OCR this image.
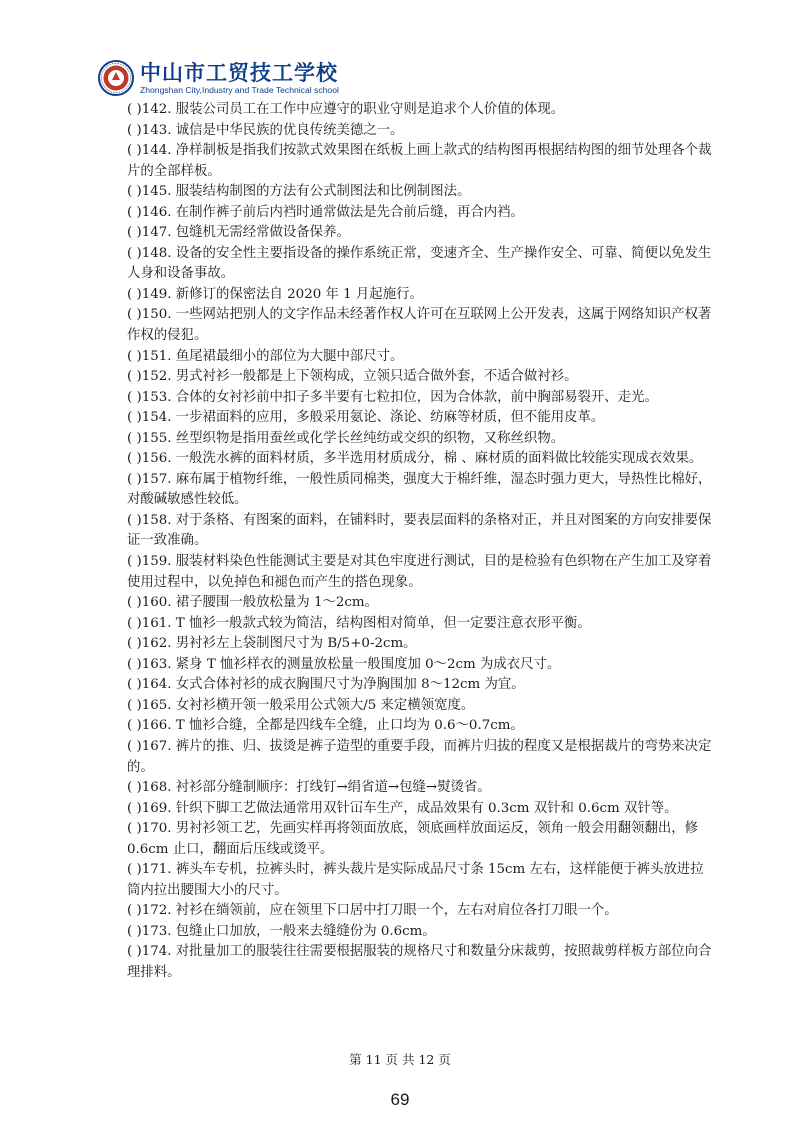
中山市工贸技工学校
Zhongshan City,Industry and Trade Technical school

( )142. 服装公司员工在工作中应遵守的职业守则是追求个人价值的体现。

( )143. 诚信是中华民族的优良传统美德之一。

( )144. 净样制板是指我们按款式效果图在纸板上画上款式的结构图再根据结构图的细节处理各个裁片的全部样板。

( )145. 服装结构制图的方法有公式制图法和比例制图法。

( )146. 在制作裤子前后内裆时通常做法是先合前后缝，再合内裆。

( )147. 包缝机无需经常做设备保养。

( )148. 设备的安全性主要指设备的操作系统正常，变速齐全、生产操作安全、可靠、简便以免发生人身和设备事故。

( )149. 新修订的保密法自 2020 年 1 月起施行。

( )150. 一些网站把别人的文字作品未经著作权人许可在互联网上公开发表，这属于网络知识产权著作权的侵犯。

( )151. 鱼尾裙最细小的部位为大腿中部尺寸。

( )152. 男式衬衫一般都是上下领构成，立领只适合做外套，不适合做衬衫。

( )153. 合体的女衬衫前中扣子多半要有七粒扣位，因为合体款，前中胸部易裂开、走光。

( )154. 一步裙面料的应用，多般采用氨论、涤论、纺麻等材质，但不能用皮革。

( )155. 丝型织物是指用蚕丝或化学长丝纯纺或交织的织物，又称丝织物。

( )156. 一般洗水裤的面料材质，多半选用材质成分，棉 、麻材质的面料做比较能实现成衣效果。

( )157. 麻布属于植物纤维，一般性质同棉类，强度大于棉纤维，湿态时强力更大，导热性比棉好，对酸碱敏感性较低。

( )158. 对于条格、有图案的面料，在铺料时，要表层面料的条格对正，并且对图案的方向安排要保证一致准确。

( )159. 服装材料染色性能测试主要是对其色牢度进行测试，目的是检验有色织物在产生加工及穿着使用过程中，以免掉色和褪色而产生的搭色现象。

( )160. 裙子腰围一般放松量为 1～2cm。

( )161. T 恤衫一般款式较为简洁，结构图相对简单，但一定要注意衣形平衡。

( )162. 男衬衫左上袋制图尺寸为 B/5+0-2cm。

( )163. 紧身 T 恤衫样衣的测量放松量一般围度加 0～2cm 为成衣尺寸。

( )164. 女式合体衬衫的成衣胸围尺寸为净胸围加 8～12cm 为宜。

( )165. 女衬衫横开领一般采用公式领大/5 来定横领宽度。

( )166. T 恤衫合缝，全都是四线车全缝，止口均为 0.6～0.7cm。

( )167. 裤片的推、归、拔烫是裤子造型的重要手段，而裤片归拔的程度又是根据裁片的弯势来决定的。

( )168. 衬衫部分缝制顺序：打线钉→绢省道→包缝→熨烫省。

( )169. 针织下脚工艺做法通常用双针冚车生产，成品效果有 0.3cm 双针和 0.6cm 双针等。

( )170. 男衬衫领工艺，先画实样再将领面放底，领底画样放面运反，领角一般会用翻领翻出，修 0.6cm 止口，翻面后压线或烫平。

( )171. 裤头车专机，拉裤头时，裤头裁片是实际成品尺寸条 15cm 左右，这样能便于裤头放进拉筒内拉出腰围大小的尺寸。

( )172. 衬衫在绱领前，应在领里下口居中打刀眼一个，左右对肩位各打刀眼一个。

( )173. 包缝止口加放，一般来去缝缝份为 0.6cm。

( )174. 对批量加工的服装往往需要根据服装的规格尺寸和数量分床裁剪，按照裁剪样板方部位向合理排料。

第 11 页 共 12 页
69
